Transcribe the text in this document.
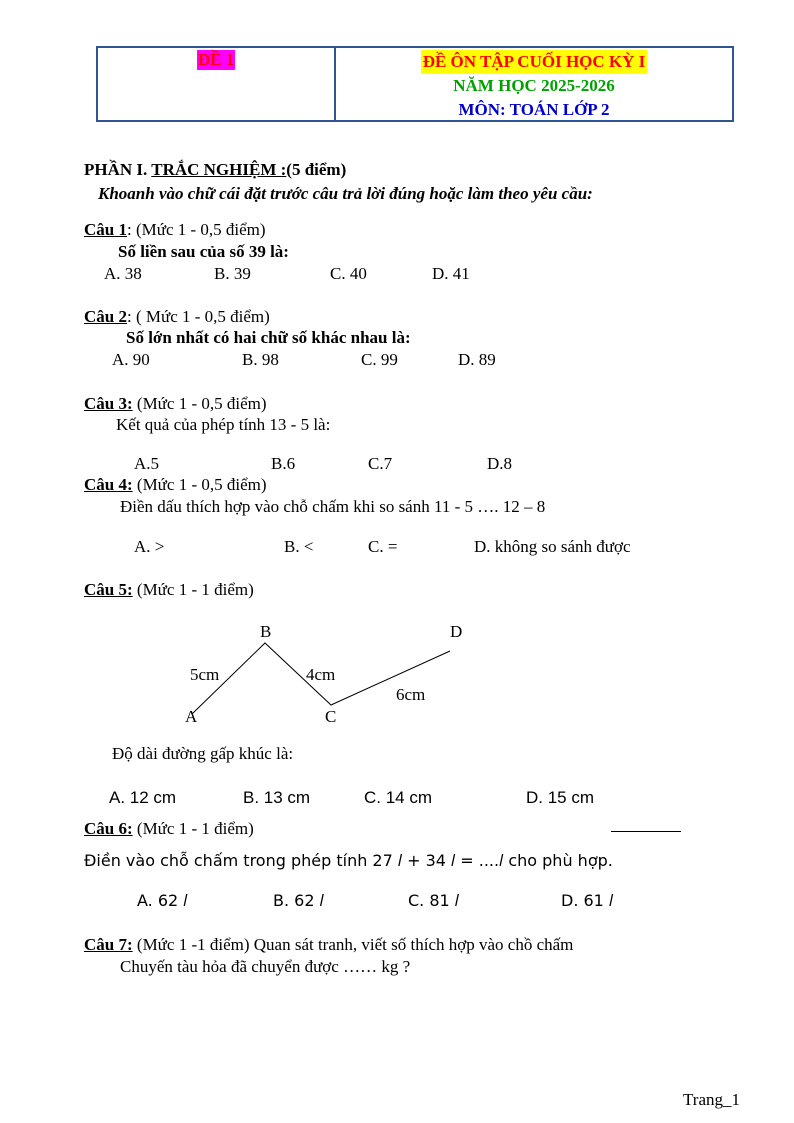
ĐỀ 1	ĐỀ ÔN TẬP CUỐI HỌC KỲ I
NĂM HỌC 2025-2026
MÔN: TOÁN LỚP 2
PHẦN I. TRẮC NGHIỆM :(5 điểm)
Khoanh vào chữ cái đặt trước câu trả lời đúng hoặc làm theo yêu cầu:
Câu 1: (Mức 1 - 0,5 điểm)
Số liền sau của số 39 là:
A. 38	B. 39	C. 40	D. 41
Câu 2: ( Mức 1 - 0,5 điểm)
Số lớn nhất có hai chữ số khác nhau là:
A. 90	B. 98	C. 99	D. 89
Câu 3: (Mức 1 - 0,5 điểm)
Kết quả của phép tính 13 - 5 là:
A.5	B.6	C.7	D.8
Câu 4: (Mức 1 - 0,5 điểm)
Điền dấu thích hợp vào chỗ chấm khi so sánh 11 - 5 …. 12 – 8
A. >	B. <	C. =	D. không so sánh được
Câu 5: (Mức 1 - 1 điểm)
B	D
A	C
5cm	4cm
6cm
Độ dài đường gấp khúc là:
A. 12 cm	B. 13 cm	C. 14 cm	D. 15 cm
Câu 6: (Mức 1 - 1 điểm)
Điền vào chỗ chấm trong phép tính 27 𝑙 + 34 𝑙 = ....𝑙 cho phù hợp.
A. 62 𝑙	B. 62 𝑙	C. 81 𝑙	D. 61 𝑙
Câu 7: (Mức 1 -1 điểm) Quan sát tranh, viết số thích hợp vào chồ chấm
Chuyến tàu hỏa đã chuyển được …… kg ?
Trang_1
